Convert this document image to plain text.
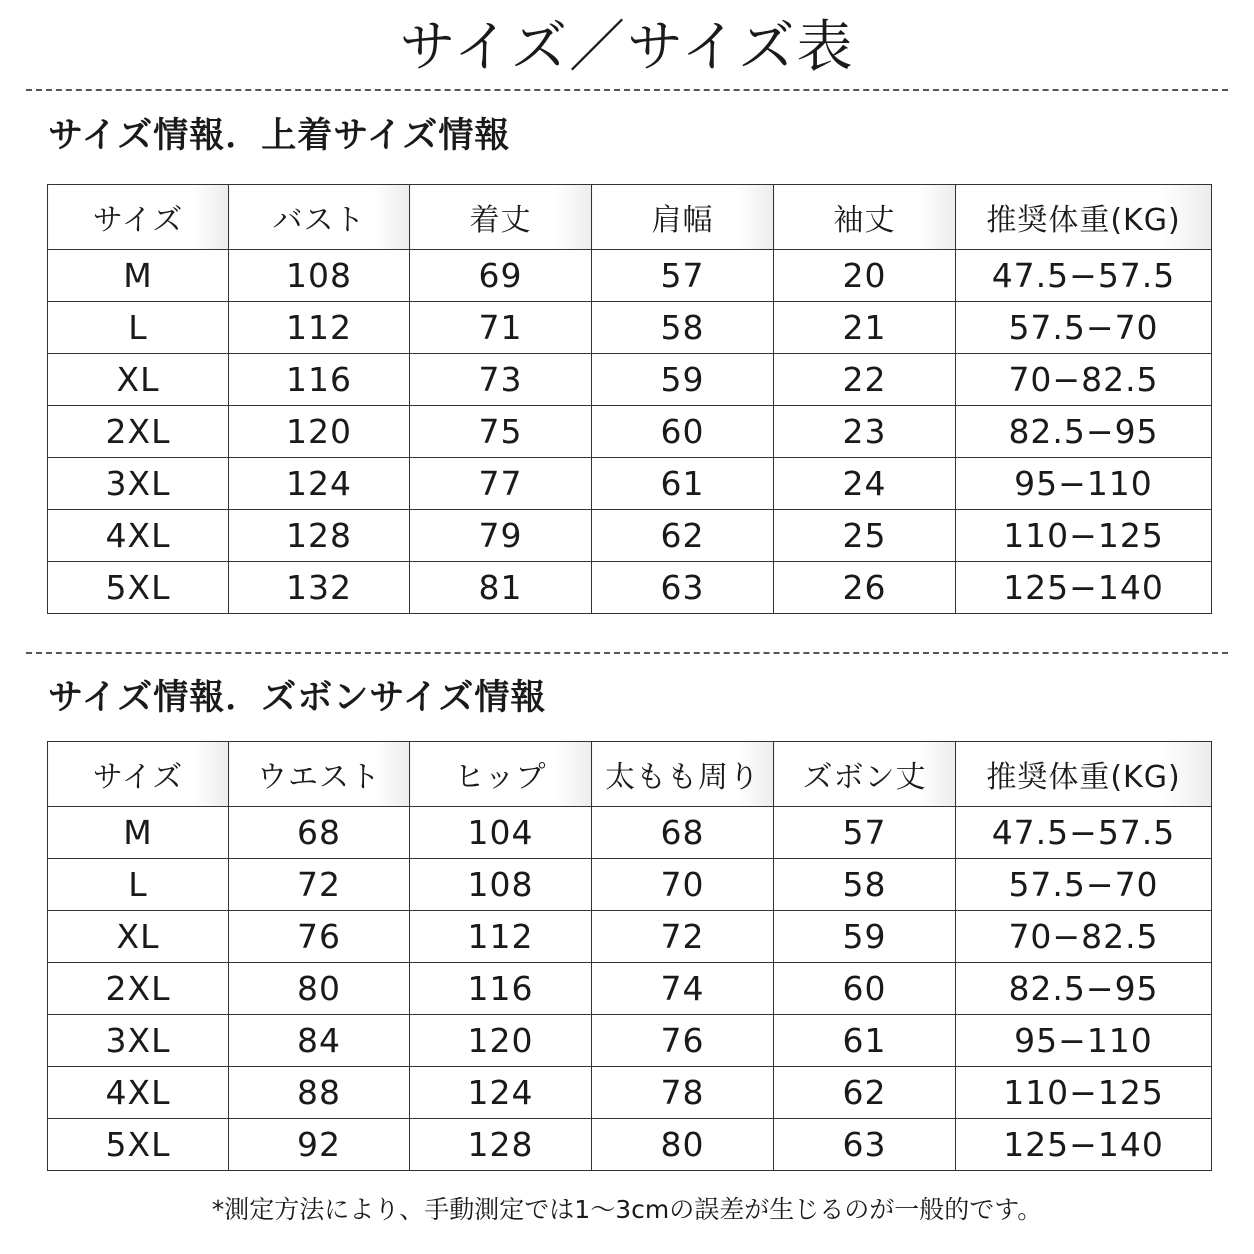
サイズ／サイズ表
サイズ情報．上着サイズ情報
サイズ	バスト	着丈	肩幅	袖丈	推奨体重(KG)
M	108	69	57	20	47.5−57.5
L	112	71	58	21	57.5−70
XL	116	73	59	22	70−82.5
2XL	120	75	60	23	82.5−95
3XL	124	77	61	24	95−110
4XL	128	79	62	25	110−125
5XL	132	81	63	26	125−140
サイズ情報．ズボンサイズ情報
サイズ	ウエスト	ヒップ	太もも周り	ズボン丈	推奨体重(KG)
M	68	104	68	57	47.5−57.5
L	72	108	70	58	57.5−70
XL	76	112	72	59	70−82.5
2XL	80	116	74	60	82.5−95
3XL	84	120	76	61	95−110
4XL	88	124	78	62	110−125
5XL	92	128	80	63	125−140
*測定方法により、手動測定では1～3cmの誤差が生じるのが一般的です。
